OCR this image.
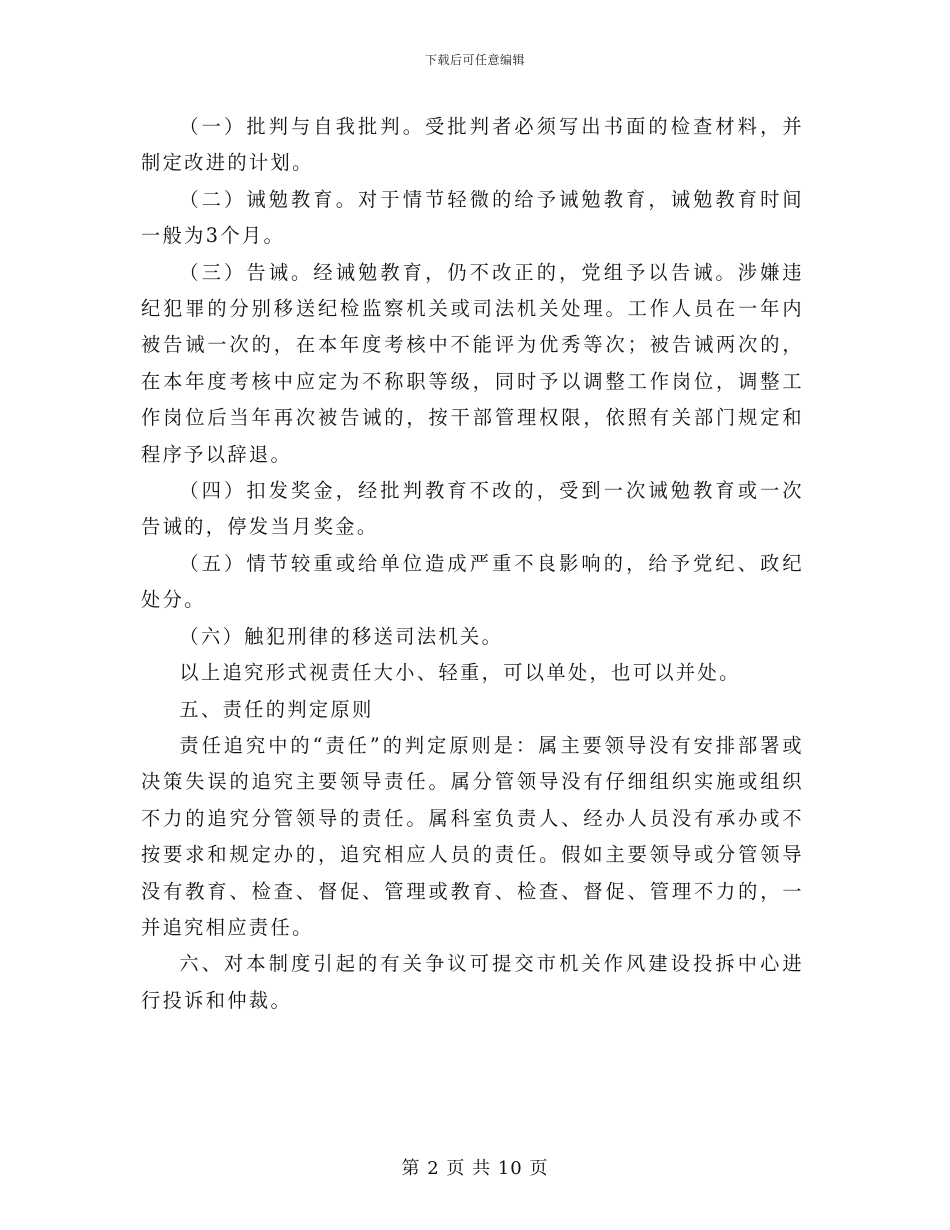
下载后可任意编辑

（一）批判与自我批判。受批判者必须写出书面的检查材料，并制定改进的计划。

（二）诫勉教育。对于情节轻微的给予诫勉教育，诫勉教育时间一般为3个月。

（三）告诫。经诫勉教育，仍不改正的，党组予以告诫。涉嫌违纪犯罪的分别移送纪检监察机关或司法机关处理。工作人员在一年内被告诫一次的，在本年度考核中不能评为优秀等次；被告诫两次的，在本年度考核中应定为不称职等级，同时予以调整工作岗位，调整工作岗位后当年再次被告诫的，按干部管理权限，依照有关部门规定和程序予以辞退。

（四）扣发奖金，经批判教育不改的，受到一次诫勉教育或一次告诫的，停发当月奖金。

（五）情节较重或给单位造成严重不良影响的，给予党纪、政纪处分。

（六）触犯刑律的移送司法机关。

以上追究形式视责任大小、轻重，可以单处，也可以并处。

五、责任的判定原则

责任追究中的“责任”的判定原则是：属主要领导没有安排部署或决策失误的追究主要领导责任。属分管领导没有仔细组织实施或组织不力的追究分管领导的责任。属科室负责人、经办人员没有承办或不按要求和规定办的，追究相应人员的责任。假如主要领导或分管领导没有教育、检查、督促、管理或教育、检查、督促、管理不力的，一并追究相应责任。

六、对本制度引起的有关争议可提交市机关作风建设投拆中心进行投诉和仲裁。

第 2 页 共 10 页
